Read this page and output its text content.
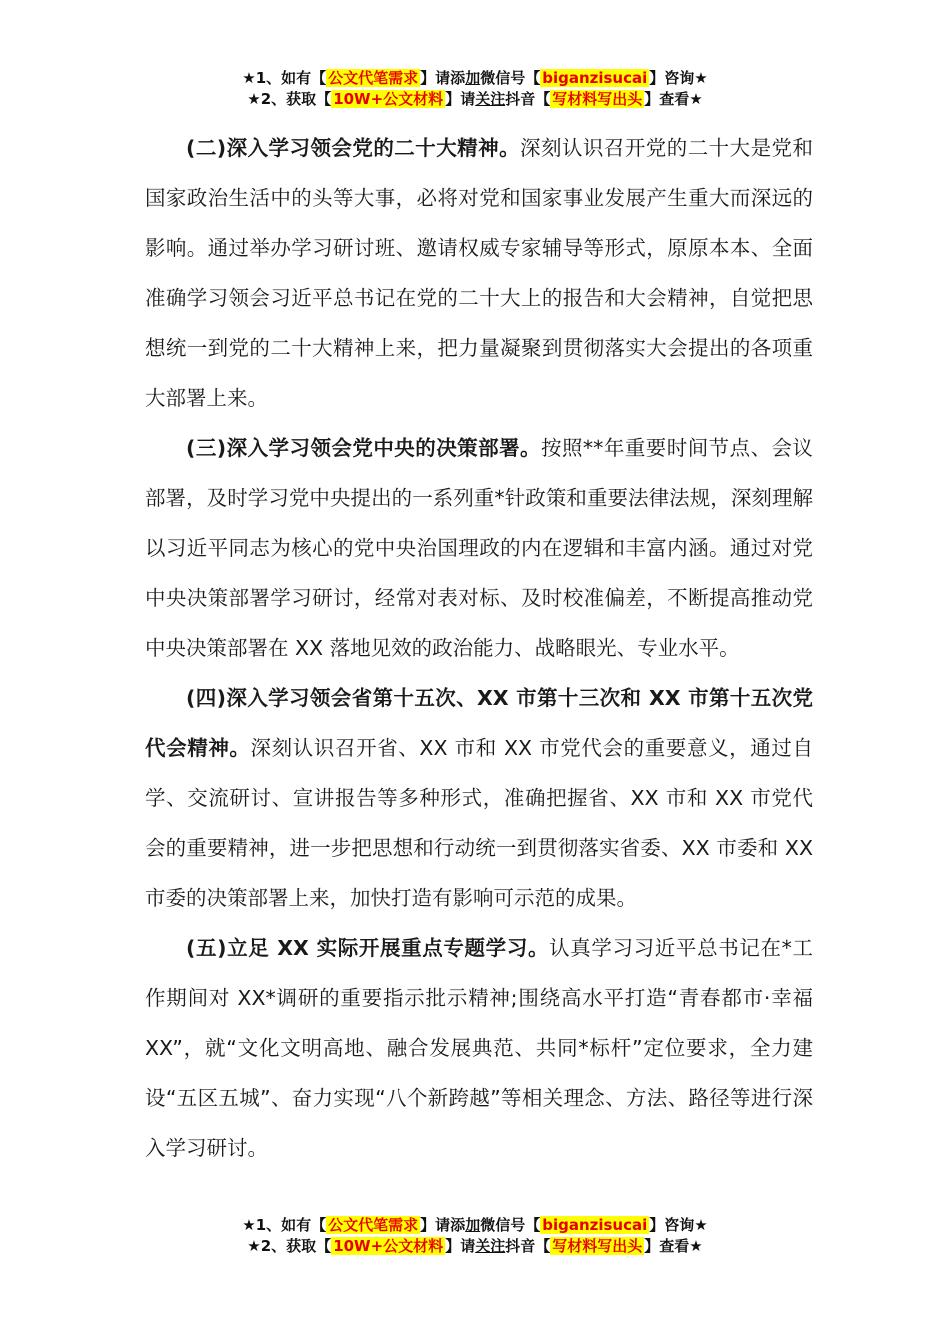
★1、如有【 公文代笔需求 】请添加微信号【 biganzisucai 】咨询★
★2、获取【 10W+公文材料 】请关注抖音【 写材料写出头 】查看★

(二)深入学习领会党的二十大精神。深刻认识召开党的二十大是党和国家政治生活中的头等大事，必将对党和国家事业发展产生重大而深远的影响。通过举办学习研讨班、邀请权威专家辅导等形式，原原本本、全面准确学习领会习近平总书记在党的二十大上的报告和大会精神，自觉把思想统一到党的二十大精神上来，把力量凝聚到贯彻落实大会提出的各项重大部署上来。

(三)深入学习领会党中央的决策部署。按照**年重要时间节点、会议部署，及时学习党中央提出的一系列重*针政策和重要法律法规，深刻理解以习近平同志为核心的党中央治国理政的内在逻辑和丰富内涵。通过对党中央决策部署学习研讨，经常对表对标、及时校准偏差，不断提高推动党中央决策部署在 XX 落地见效的政治能力、战略眼光、专业水平。

(四)深入学习领会省第十五次、XX 市第十三次和 XX 市第十五次党代会精神。深刻认识召开省、XX 市和 XX 市党代会的重要意义，通过自学、交流研讨、宣讲报告等多种形式，准确把握省、XX 市和 XX 市党代会的重要精神，进一步把思想和行动统一到贯彻落实省委、XX 市委和 XX 市委的决策部署上来，加快打造有影响可示范的成果。

(五)立足 XX 实际开展重点专题学习。认真学习习近平总书记在*工作期间对 XX*调研的重要指示批示精神;围绕高水平打造“青春都市·幸福 XX”，就“文化文明高地、融合发展典范、共同*标杆”定位要求，全力建设“五区五城”、奋力实现“八个新跨越”等相关理念、方法、路径等进行深入学习研讨。

★1、如有【 公文代笔需求 】请添加微信号【 biganzisucai 】咨询★
★2、获取【 10W+公文材料 】请关注抖音【 写材料写出头 】查看★
